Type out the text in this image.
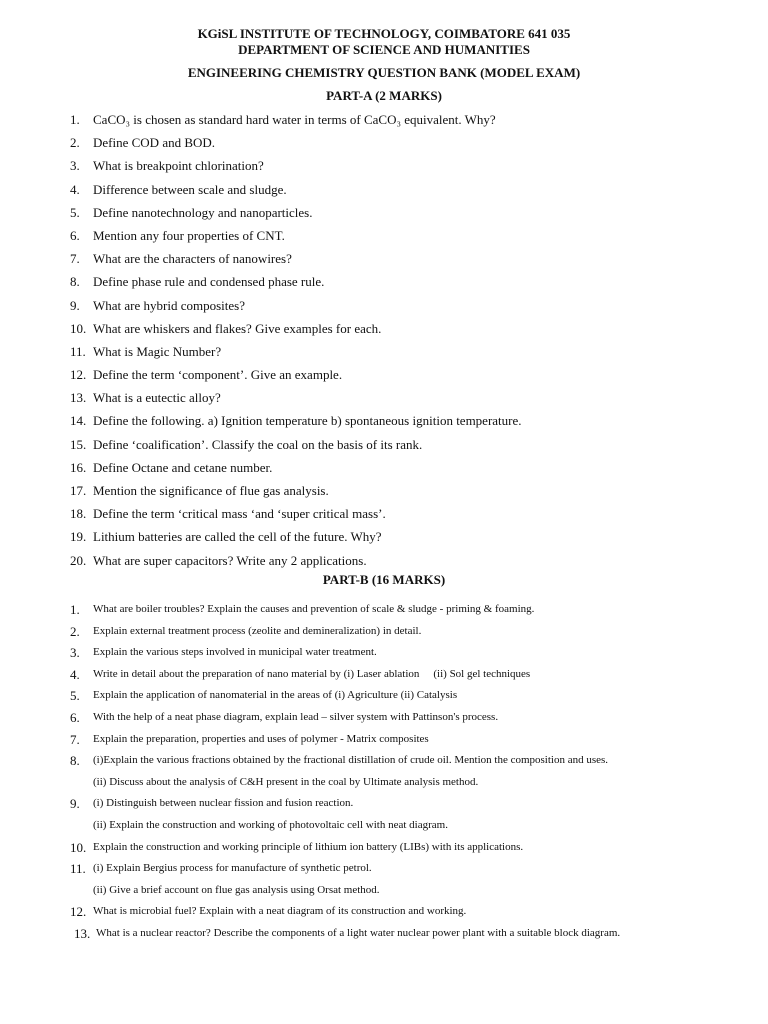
KGiSL INSTITUTE OF TECHNOLOGY, COIMBATORE 641 035
DEPARTMENT OF SCIENCE AND HUMANITIES
ENGINEERING CHEMISTRY QUESTION BANK (MODEL EXAM)
PART-A (2 MARKS)
1. CaCO₃ is chosen as standard hard water in terms of CaCO₃ equivalent. Why?
2. Define COD and BOD.
3. What is breakpoint chlorination?
4. Difference between scale and sludge.
5. Define nanotechnology and nanoparticles.
6. Mention any four properties of CNT.
7. What are the characters of nanowires?
8. Define phase rule and condensed phase rule.
9. What are hybrid composites?
10. What are whiskers and flakes? Give examples for each.
11. What is Magic Number?
12. Define the term ‘component’. Give an example.
13. What is a eutectic alloy?
14. Define the following. a) Ignition temperature b) spontaneous ignition temperature.
15. Define ‘coalification’. Classify the coal on the basis of its rank.
16. Define Octane and cetane number.
17. Mention the significance of flue gas analysis.
18. Define the term ‘critical mass ‘and ‘super critical mass’.
19. Lithium batteries are called the cell of the future. Why?
20. What are super capacitors? Write any 2 applications.
PART-B (16 MARKS)
1. What are boiler troubles? Explain the causes and prevention of scale & sludge - priming & foaming.
2. Explain external treatment process (zeolite and demineralization) in detail.
3. Explain the various steps involved in municipal water treatment.
4. Write in detail about the preparation of nano material by (i) Laser ablation (ii) Sol gel techniques
5. Explain the application of nanomaterial in the areas of (i) Agriculture (ii) Catalysis
6. With the help of a neat phase diagram, explain lead – silver system with Pattinson's process.
7. Explain the preparation, properties and uses of polymer - Matrix composites
8. (i)Explain the various fractions obtained by the fractional distillation of crude oil. Mention the composition and uses.
(ii) Discuss about the analysis of C&H present in the coal by Ultimate analysis method.
9. (i) Distinguish between nuclear fission and fusion reaction.
(ii) Explain the construction and working of photovoltaic cell with neat diagram.
10. Explain the construction and working principle of lithium ion battery (LIBs) with its applications.
11. (i) Explain Bergius process for manufacture of synthetic petrol.
(ii) Give a brief account on flue gas analysis using Orsat method.
12. What is microbial fuel? Explain with a neat diagram of its construction and working.
13. What is a nuclear reactor? Describe the components of a light water nuclear power plant with a suitable block diagram.
